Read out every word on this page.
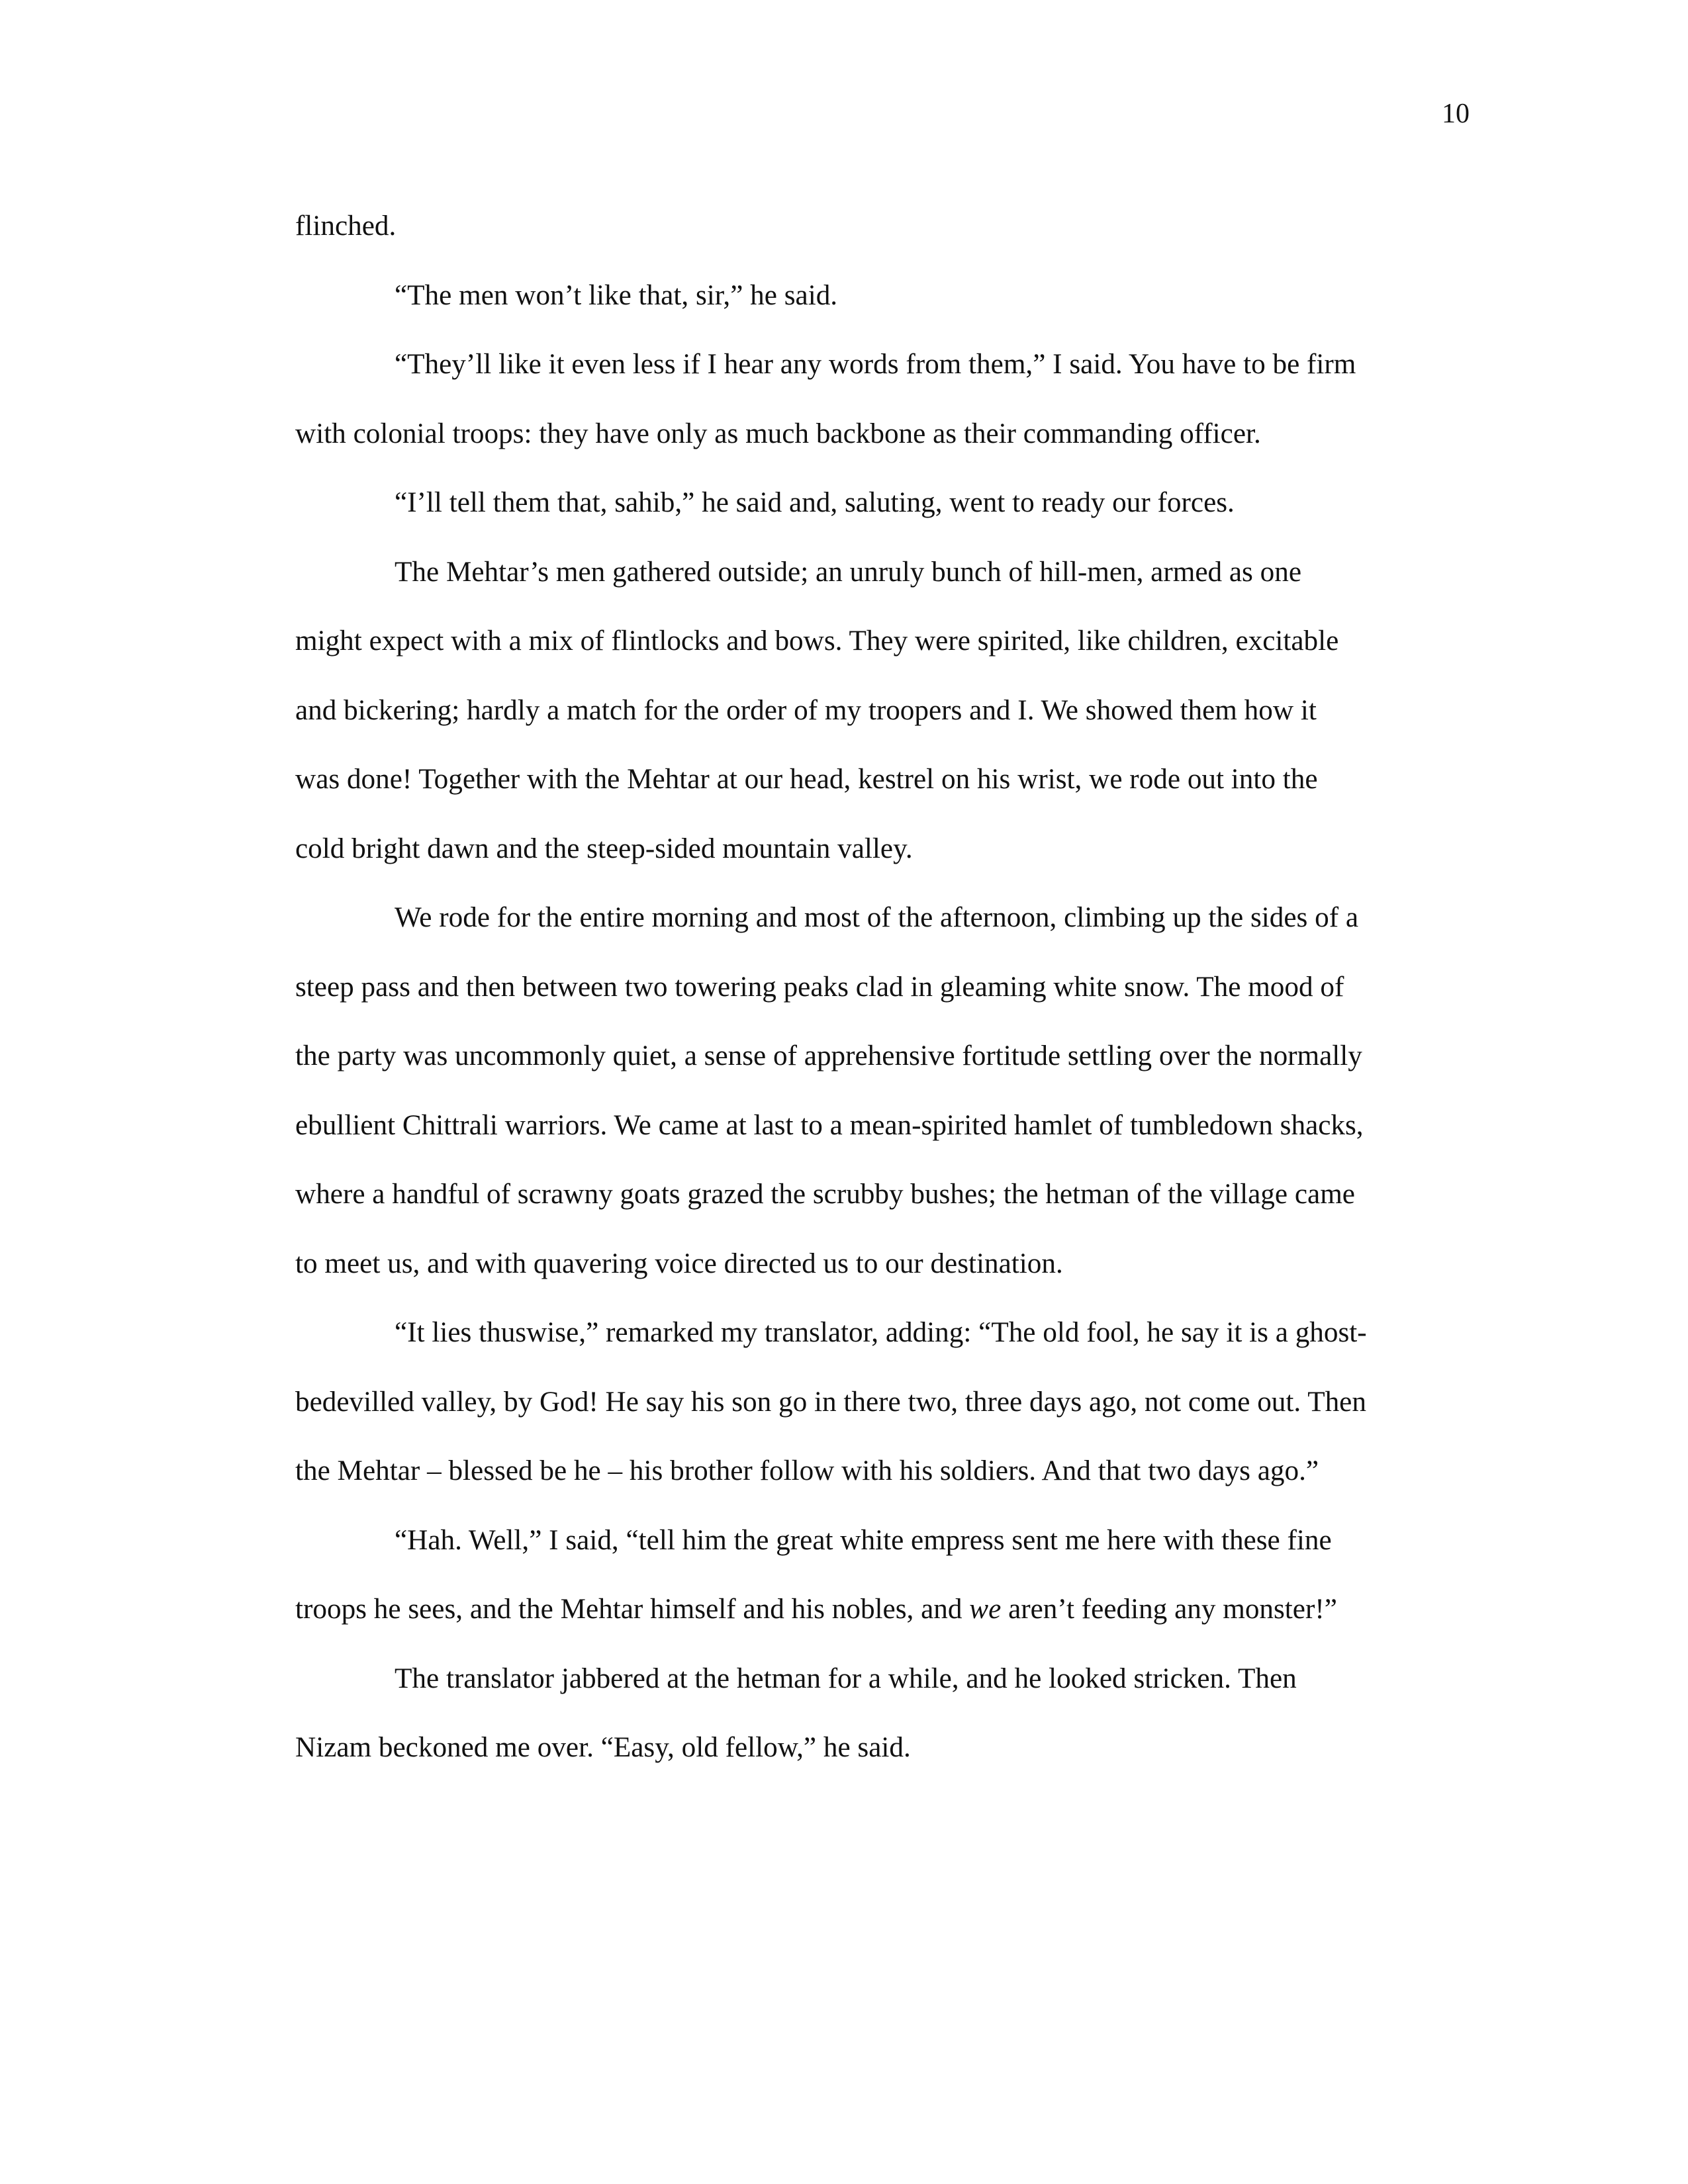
10

flinched.

“The men won’t like that, sir,” he said.

“They’ll like it even less if I hear any words from them,” I said. You have to be firm with colonial troops: they have only as much backbone as their commanding officer.

“I’ll tell them that, sahib,” he said and, saluting, went to ready our forces.

The Mehtar’s men gathered outside; an unruly bunch of hill-men, armed as one might expect with a mix of flintlocks and bows. They were spirited, like children, excitable and bickering; hardly a match for the order of my troopers and I. We showed them how it was done! Together with the Mehtar at our head, kestrel on his wrist, we rode out into the cold bright dawn and the steep-sided mountain valley.

We rode for the entire morning and most of the afternoon, climbing up the sides of a steep pass and then between two towering peaks clad in gleaming white snow. The mood of the party was uncommonly quiet, a sense of apprehensive fortitude settling over the normally ebullient Chittrali warriors. We came at last to a mean-spirited hamlet of tumbledown shacks, where a handful of scrawny goats grazed the scrubby bushes; the hetman of the village came to meet us, and with quavering voice directed us to our destination.

“It lies thuswise,” remarked my translator, adding: “The old fool, he say it is a ghost-bedevilled valley, by God! He say his son go in there two, three days ago, not come out. Then the Mehtar – blessed be he – his brother follow with his soldiers. And that two days ago.”

“Hah. Well,” I said, “tell him the great white empress sent me here with these fine troops he sees, and the Mehtar himself and his nobles, and we aren’t feeding any monster!”

The translator jabbered at the hetman for a while, and he looked stricken. Then Nizam beckoned me over. “Easy, old fellow,” he said.
